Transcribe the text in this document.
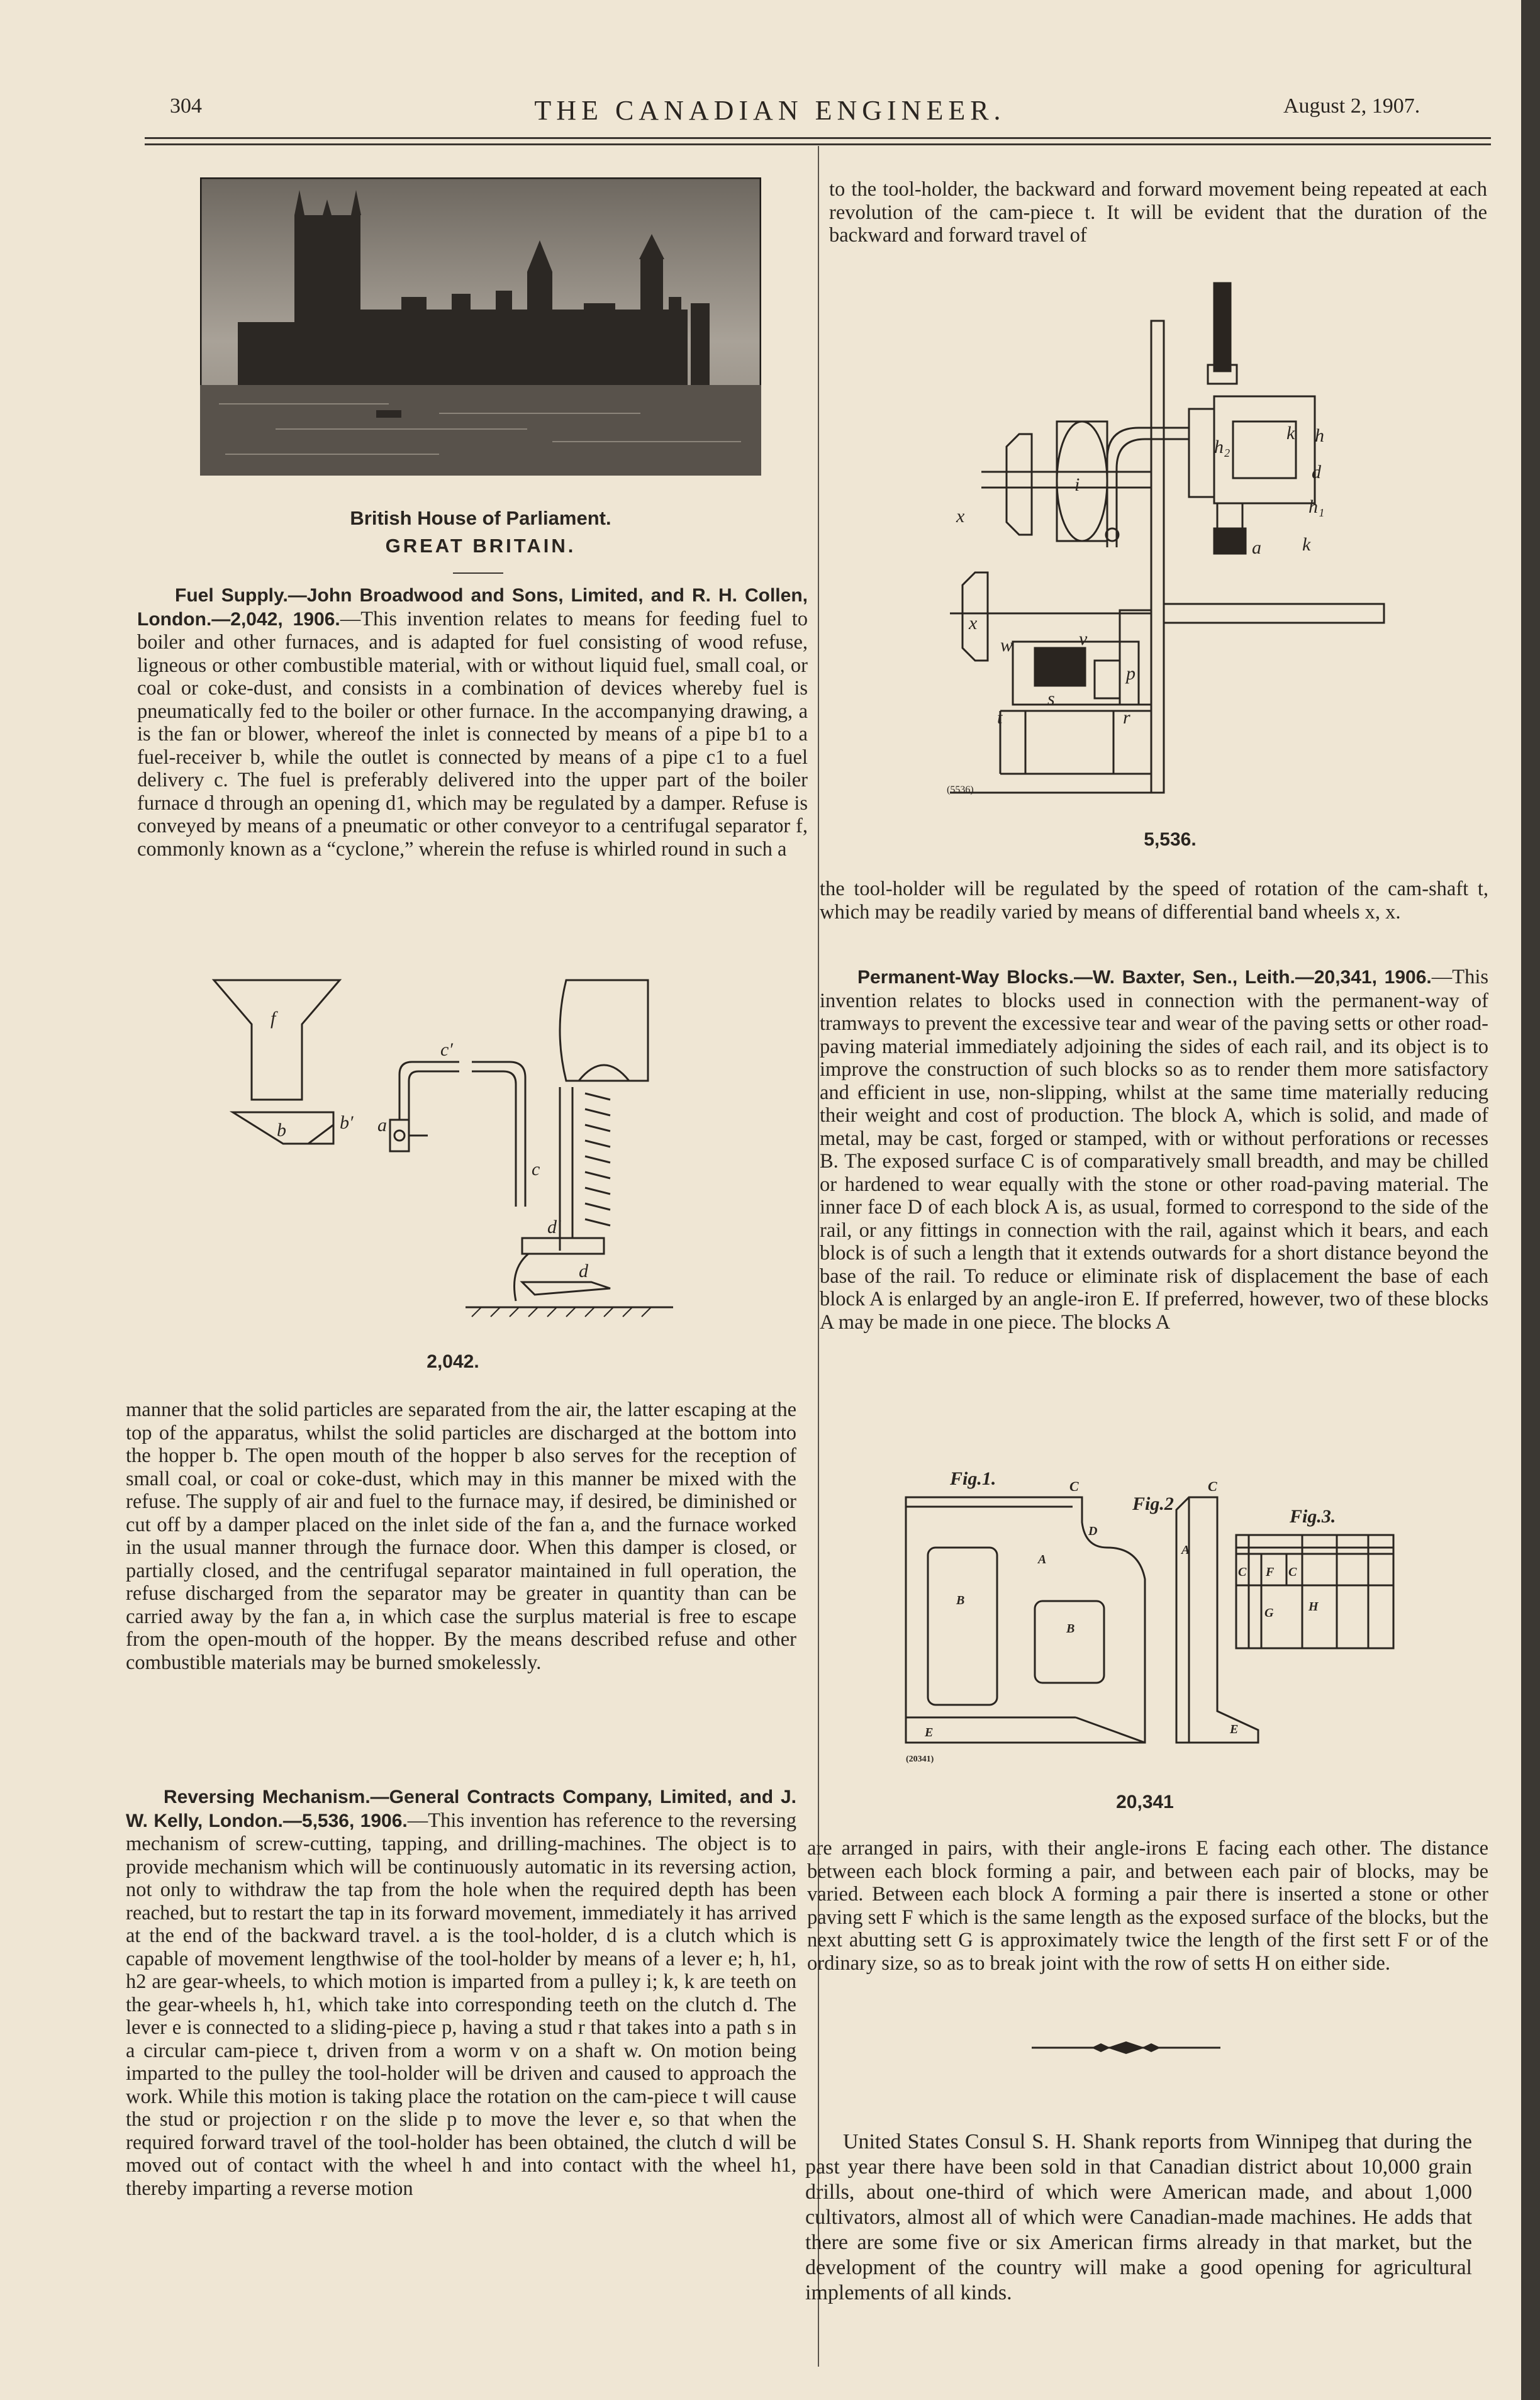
304	THE CANADIAN ENGINEER.	August 2, 1907.
British House of Parliament.
GREAT BRITAIN.

Fuel Supply.—John Broadwood and Sons, Limited, and R. H. Collen, London.—2,042, 1906.—This invention relates to means for feeding fuel to boiler and other furnaces, and is adapted for fuel consisting of wood refuse, ligneous or other combustible material, with or without liquid fuel, small coal, or coal or coke-dust, and consists in a combination of devices whereby fuel is pneumatically fed to the boiler or other furnace. In the accompanying drawing, a is the fan or blower, whereof the inlet is connected by means of a pipe b1 to a fuel-receiver b, while the outlet is connected by means of a pipe c1 to a fuel delivery c. The fuel is preferably delivered into the upper part of the boiler furnace d through an opening d1, which may be regulated by a damper. Refuse is conveyed by means of a pneumatic or other conveyor to a centrifugal separator f, commonly known as a “cyclone,” wherein the refuse is whirled round in such a

f
b	b′ a
c′
c
d′
d
2,042.

manner that the solid particles are separated from the air, the latter escaping at the top of the apparatus, whilst the solid particles are discharged at the bottom into the hopper b. The open mouth of the hopper b also serves for the reception of small coal, or coal or coke-dust, which may in this manner be mixed with the refuse. The supply of air and fuel to the furnace may, if desired, be diminished or cut off by a damper placed on the inlet side of the fan a, and the furnace worked in the usual manner through the furnace door. When this damper is closed, or partially closed, and the centrifugal separator maintained in full operation, the refuse discharged from the separator may be greater in quantity than can be carried away by the fan a, in which case the surplus material is free to escape from the open-mouth of the hopper. By the means described refuse and other combustible materials may be burned smokelessly.

Reversing Mechanism.—General Contracts Company, Limited, and J. W. Kelly, London.—5,536, 1906.—This invention has reference to the reversing mechanism of screw-cutting, tapping, and drilling-machines. The object is to provide mechanism which will be continuously automatic in its reversing action, not only to withdraw the tap from the hole when the required depth has been reached, but to restart the tap in its forward movement, immediately it has arrived at the end of the backward travel. a is the tool-holder, d is a clutch which is capable of movement lengthwise of the tool-holder by means of a lever e; h, h1, h2 are gear-wheels, to which motion is imparted from a pulley i; k, k are teeth on the gear-wheels h, h1, which take into corresponding teeth on the clutch d. The lever e is connected to a sliding-piece p, having a stud r that takes into a path s in a circular cam-piece t, driven from a worm v on a shaft w. On motion being imparted to the pulley the tool-holder will be driven and caused to approach the work. While this motion is taking place the rotation on the cam-piece t will cause the stud or projection r on the slide p to move the lever e, so that when the required forward travel of the tool-holder has been obtained, the clutch d will be moved out of contact with the wheel h and into contact with the wheel h1, thereby imparting a reverse motion

to the tool-holder, the backward and forward movement being repeated at each revolution of the cam-piece t. It will be evident that the duration of the backward and forward travel of

k h
h₂
d
h₁
k
a
i
x
x
w	v
s
t	r
p
(5536)
5,536.

the tool-holder will be regulated by the speed of rotation of the cam-shaft t, which may be readily varied by means of differential band wheels x, x.

Permanent-Way Blocks.—W. Baxter, Sen., Leith.—20,341, 1906.—This invention relates to blocks used in connection with the permanent-way of tramways to prevent the excessive tear and wear of the paving setts or other road-paving material immediately adjoining the sides of each rail, and its object is to improve the construction of such blocks so as to render them more satisfactory and efficient in use, non-slipping, whilst at the same time materially reducing their weight and cost of production. The block A, which is solid, and made of metal, may be cast, forged or stamped, with or without perforations or recesses B. The exposed surface C is of comparatively small breadth, and may be chilled or hardened to wear equally with the stone or other road-paving material. The inner face D of each block A is, as usual, formed to correspond to the side of the rail, or any fittings in connection with the rail, against which it bears, and each block is of such a length that it extends outwards for a short distance beyond the base of the rail. To reduce or eliminate risk of displacement the base of each block A is enlarged by an angle-iron E. If preferred, however, two of these blocks A may be made in one piece. The blocks A

Fig.1.	C
D
A
B
B
E
(20341)
Fig.2
C
A
E
Fig.3.
C F C
G	H
20,341

are arranged in pairs, with their angle-irons E facing each other. The distance between each block forming a pair, and between each pair of blocks, may be varied. Between each block A forming a pair there is inserted a stone or other paving sett F which is the same length as the exposed surface of the blocks, but the next abutting sett G is approximately twice the length of the first sett F or of the ordinary size, so as to break joint with the row of setts H on either side.

United States Consul S. H. Shank reports from Winnipeg that during the past year there have been sold in that Canadian district about 10,000 grain drills, about one-third of which were American made, and about 1,000 cultivators, almost all of which were Canadian-made machines. He adds that there are some five or six American firms already in that market, but the development of the country will make a good opening for agricultural implements of all kinds.
